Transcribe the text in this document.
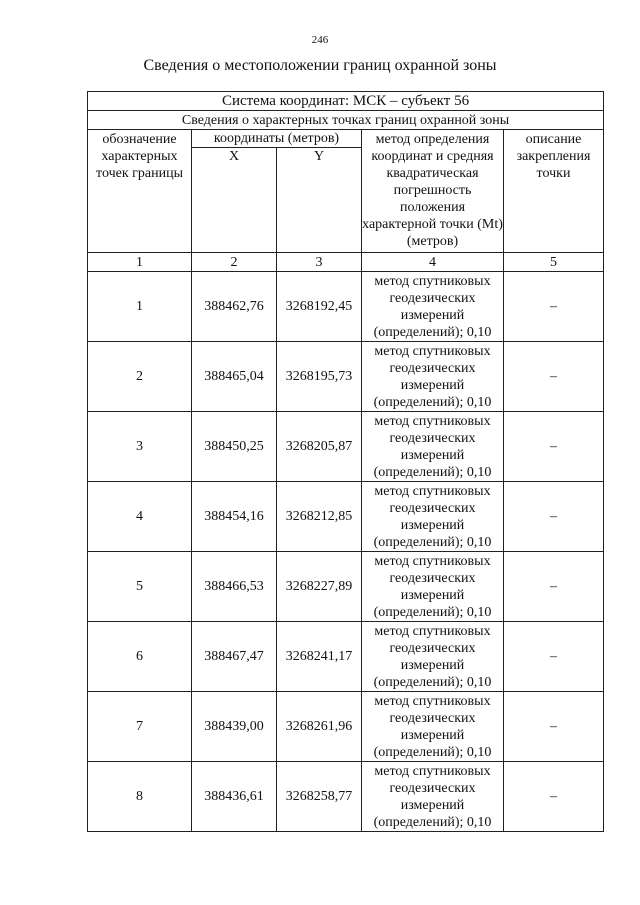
246
Сведения о местоположении границ охранной зоны
Система координат: МСК – субъект 56				
Сведения о характерных точках границ охранной зоны				
обозначение характерных точек границы	координаты (метров)		метод определения координат и средняя квадратическая погрешность положения характерной точки (Mt) (метров)	описание закрепления точки
	X	Y		
1	2	3	4	5
1	388462,76	3268192,45	метод спутниковых геодезических измерений (определений); 0,10	–
2	388465,04	3268195,73	метод спутниковых геодезических измерений (определений); 0,10	–
3	388450,25	3268205,87	метод спутниковых геодезических измерений (определений); 0,10	–
4	388454,16	3268212,85	метод спутниковых геодезических измерений (определений); 0,10	–
5	388466,53	3268227,89	метод спутниковых геодезических измерений (определений); 0,10	–
6	388467,47	3268241,17	метод спутниковых геодезических измерений (определений); 0,10	–
7	388439,00	3268261,96	метод спутниковых геодезических измерений (определений); 0,10	–
8	388436,61	3268258,77	метод спутниковых геодезических измерений (определений); 0,10	–
